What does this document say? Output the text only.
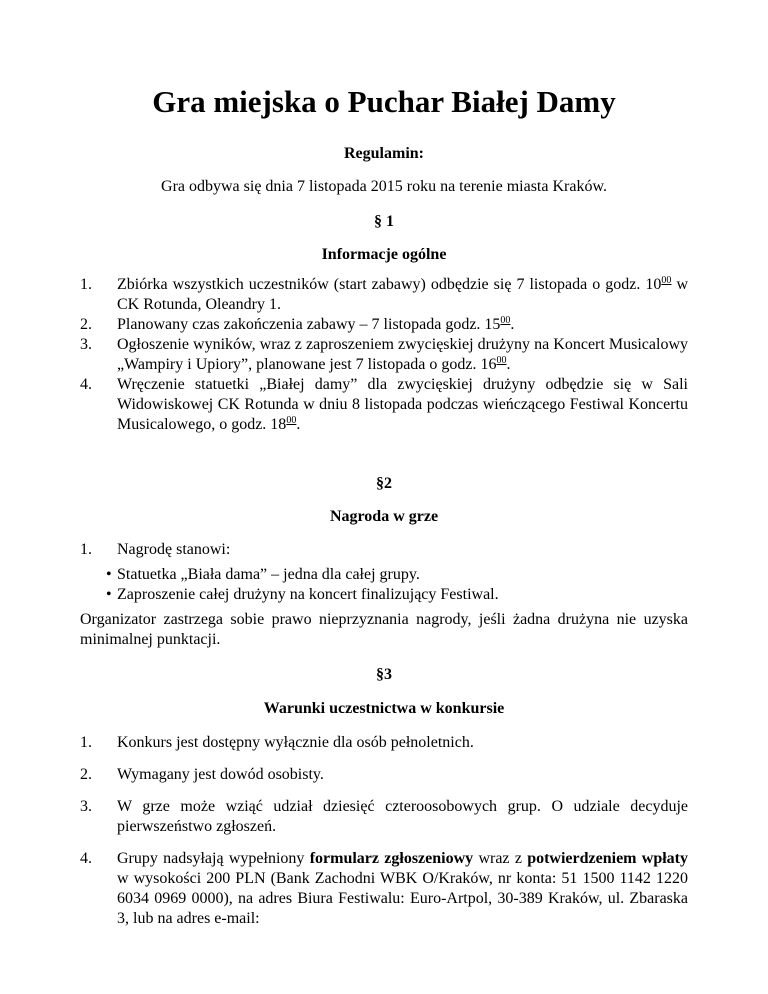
Gra miejska o Puchar Białej Damy
Regulamin:
Gra odbywa się dnia 7 listopada 2015 roku na terenie miasta Kraków.
§ 1
Informacje ogólne
1. Zbiórka wszystkich uczestników (start zabawy) odbędzie się 7 listopada o godz. $10^{00}$ w CK Rotunda, Oleandry 1.
2. Planowany czas zakończenia zabawy – 7 listopada godz. $15^{00}$.
3. Ogłoszenie wyników, wraz z zaproszeniem zwycięskiej drużyny na Koncert Musicalowy „Wampiry i Upiory”, planowane jest 7 listopada o godz. $16^{00}$.
4. Wręczenie statuetki „Białej damy” dla zwycięskiej drużyny odbędzie się w Sali Widowiskowej CK Rotunda w dniu 8 listopada podczas wieńczącego Festiwal Koncertu Musicalowego, o godz. $18^{00}$.
§2
Nagroda w grze
1. Nagrodę stanowi:
• Statuetka „Biała dama” – jedna dla całej grupy.
• Zaproszenie całej drużyny na koncert finalizujący Festiwal.
Organizator zastrzega sobie prawo nieprzyznania nagrody, jeśli żadna drużyna nie uzyska minimalnej punktacji.
§3
Warunki uczestnictwa w konkursie
1. Konkurs jest dostępny wyłącznie dla osób pełnoletnich.
2. Wymagany jest dowód osobisty.
3. W grze może wziąć udział dziesięć czteroosobowych grup. O udziale decyduje pierwszeństwo zgłoszeń.
4. Grupy nadsyłają wypełniony formularz zgłoszeniowy wraz z potwierdzeniem wpłaty w wysokości 200 PLN (Bank Zachodni WBK O/Kraków, nr konta: 51 1500 1142 1220 6034 0969 0000), na adres Biura Festiwalu: Euro-Artpol, 30-389 Kraków, ul. Zbaraska 3, lub na adres e-mail:
